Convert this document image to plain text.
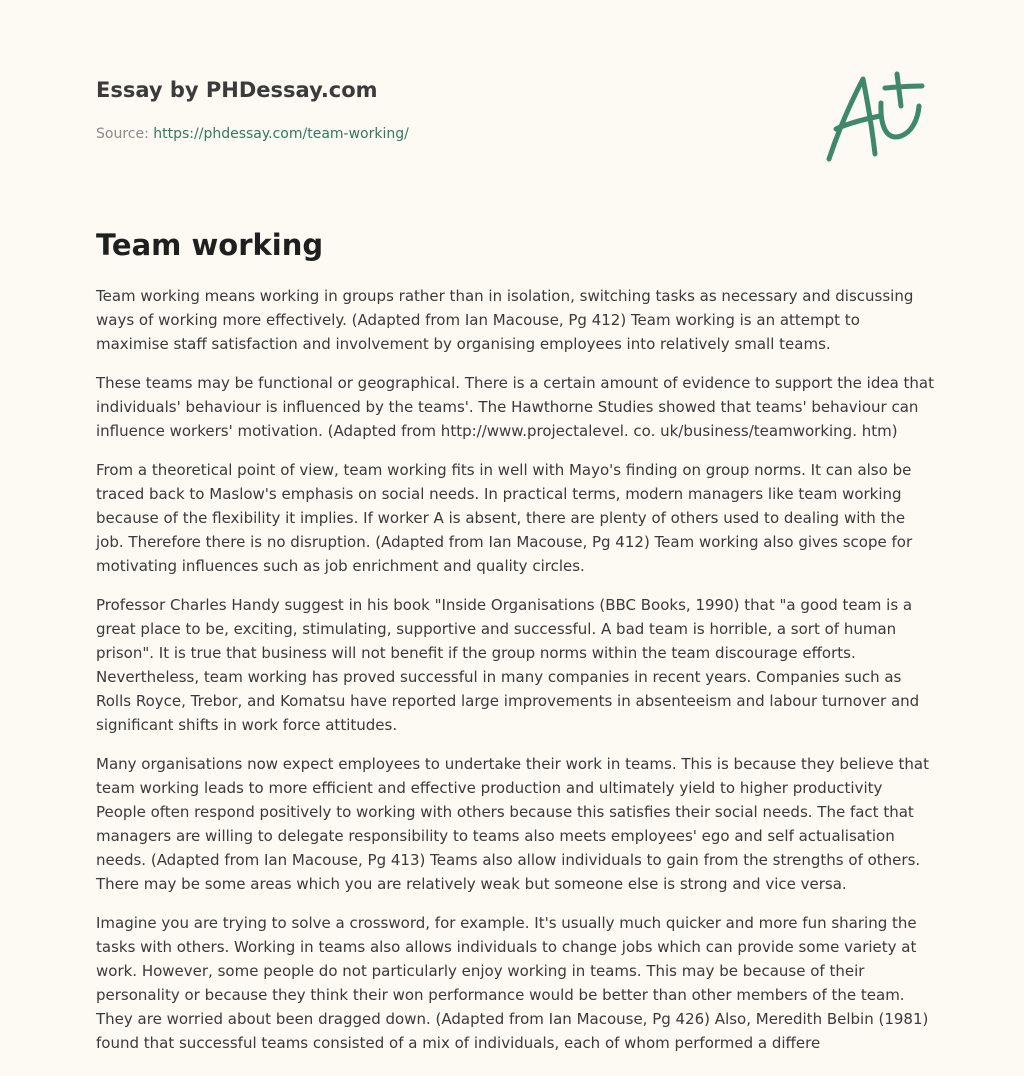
Essay by PHDessay.com
Source: https://phdessay.com/team-working/
Team working

Team working means working in groups rather than in isolation, switching tasks as necessary and discussing ways of working more effectively. (Adapted from Ian Macouse, Pg 412) Team working is an attempt to maximise staff satisfaction and involvement by organising employees into relatively small teams.

These teams may be functional or geographical. There is a certain amount of evidence to support the idea that individuals' behaviour is influenced by the teams'. The Hawthorne Studies showed that teams' behaviour can influence workers' motivation. (Adapted from http://www.projectalevel. co. uk/business/teamworking. htm)

From a theoretical point of view, team working fits in well with Mayo's finding on group norms. It can also be traced back to Maslow's emphasis on social needs. In practical terms, modern managers like team working because of the flexibility it implies. If worker A is absent, there are plenty of others used to dealing with the job. Therefore there is no disruption. (Adapted from Ian Macouse, Pg 412) Team working also gives scope for motivating influences such as job enrichment and quality circles.

Professor Charles Handy suggest in his book "Inside Organisations (BBC Books, 1990) that "a good team is a great place to be, exciting, stimulating, supportive and successful. A bad team is horrible, a sort of human prison". It is true that business will not benefit if the group norms within the team discourage efforts. Nevertheless, team working has proved successful in many companies in recent years. Companies such as Rolls Royce, Trebor, and Komatsu have reported large improvements in absenteeism and labour turnover and significant shifts in work force attitudes.

Many organisations now expect employees to undertake their work in teams. This is because they believe that team working leads to more efficient and effective production and ultimately yield to higher productivity People often respond positively to working with others because this satisfies their social needs. The fact that managers are willing to delegate responsibility to teams also meets employees' ego and self actualisation needs. (Adapted from Ian Macouse, Pg 413) Teams also allow individuals to gain from the strengths of others. There may be some areas which you are relatively weak but someone else is strong and vice versa.

Imagine you are trying to solve a crossword, for example. It's usually much quicker and more fun sharing the tasks with others. Working in teams also allows individuals to change jobs which can provide some variety at work. However, some people do not particularly enjoy working in teams. This may be because of their personality or because they think their won performance would be better than other members of the team. They are worried about been dragged down. (Adapted from Ian Macouse, Pg 426) Also, Meredith Belbin (1981) found that successful teams consisted of a mix of individuals, each of whom performed a differe
